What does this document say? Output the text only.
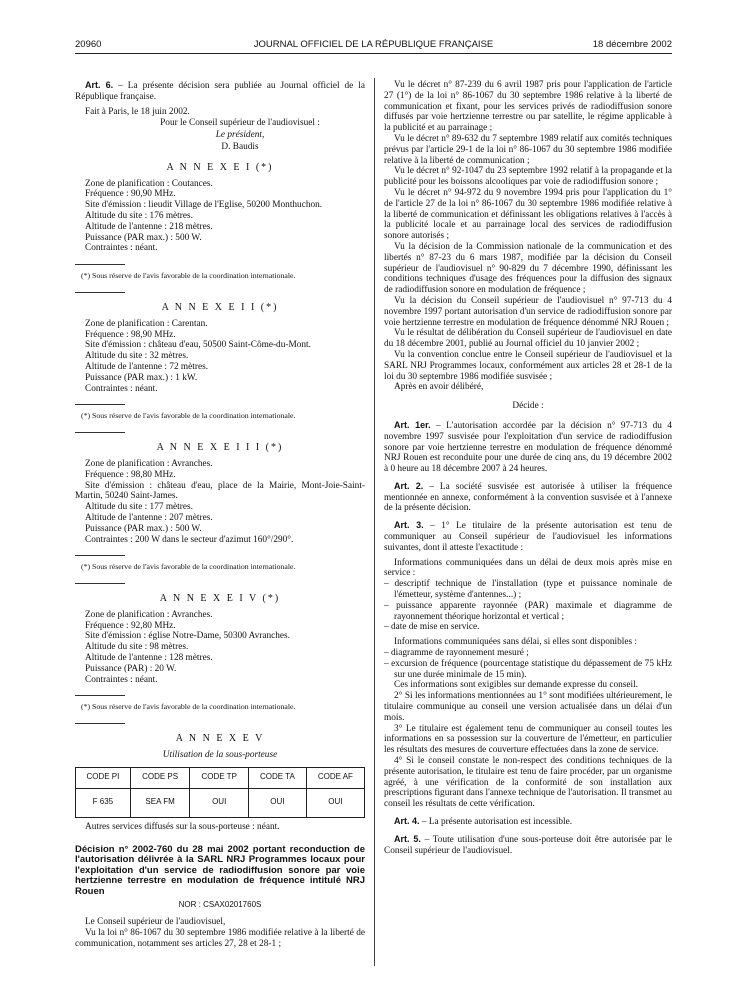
20960	JOURNAL OFFICIEL DE LA RÉPUBLIQUE FRANÇAISE	18 décembre 2002

Art. 6. – La présente décision sera publiée au Journal officiel de la République française.

Fait à Paris, le 18 juin 2002.

Pour le Conseil supérieur de l'audiovisuel :

Le président,

D. Baudis

A N N E X E I (*)

Zone de planification : Coutances.

Fréquence : 90,90 MHz.

Site d'émission : lieudit Village de l'Eglise, 50200 Monthuchon.

Altitude du site : 176 mètres.

Altitude de l'antenne : 218 mètres.

Puissance (PAR max.) : 500 W.

Contraintes : néant.

(*) Sous réserve de l'avis favorable de la coordination internationale.

A N N E X E I I (*)

Zone de planification : Carentan.

Fréquence : 98,90 MHz.

Site d'émission : château d'eau, 50500 Saint-Côme-du-Mont.

Altitude du site : 32 mètres.

Altitude de l'antenne : 72 mètres.

Puissance (PAR max.) : 1 kW.

Contraintes : néant.

(*) Sous réserve de l'avis favorable de la coordination internationale.

A N N E X E I I I (*)

Zone de planification : Avranches.

Fréquence : 98,80 MHz.

Site d'émission : château d'eau, place de la Mairie, Mont-Joie-Saint-Martin, 50240 Saint-James.

Altitude du site : 177 mètres.

Altitude de l'antenne : 207 mètres.

Puissance (PAR max.) : 500 W.

Contraintes : 200 W dans le secteur d'azimut 160°/290°.

(*) Sous réserve de l'avis favorable de la coordination internationale.

A N N E X E I V (*)

Zone de planification : Avranches.

Fréquence : 92,80 MHz.

Site d'émission : église Notre-Dame, 50300 Avranches.

Altitude du site : 98 mètres.

Altitude de l'antenne : 128 mètres.

Puissance (PAR) : 20 W.

Contraintes : néant.

(*) Sous réserve de l'avis favorable de la coordination internationale.

A N N E X E V

Utilisation de la sous-porteuse

CODE PI	CODE PS	CODE TP	CODE TA	CODE AF
F 635	SEA FM	OUI	OUI	OUI

Autres services diffusés sur la sous-porteuse : néant.

Décision n° 2002-760 du 28 mai 2002 portant reconduction de l'autorisation délivrée à la SARL NRJ Programmes locaux pour l'exploitation d'un service de radiodiffusion sonore par voie hertzienne terrestre en modulation de fréquence intitulé NRJ Rouen

NOR : CSAX0201760S

Le Conseil supérieur de l'audiovisuel,

Vu la loi n° 86-1067 du 30 septembre 1986 modifiée relative à la liberté de communication, notamment ses articles 27, 28 et 28-1 ;

Vu le décret n° 87-239 du 6 avril 1987 pris pour l'application de l'article 27 (1°) de la loi n° 86-1067 du 30 septembre 1986 relative à la liberté de communication et fixant, pour les services privés de radiodiffusion sonore diffusés par voie hertzienne terrestre ou par satellite, le régime applicable à la publicité et au parrainage ;

Vu le décret n° 89-632 du 7 septembre 1989 relatif aux comités techniques prévus par l'article 29-1 de la loi n° 86-1067 du 30 septembre 1986 modifiée relative à la liberté de communication ;

Vu le décret n° 92-1047 du 23 septembre 1992 relatif à la propagande et la publicité pour les boissons alcooliques par voie de radiodiffusion sonore ;

Vu le décret n° 94-972 du 9 novembre 1994 pris pour l'application du 1° de l'article 27 de la loi n° 86-1067 du 30 septembre 1986 modifiée relative à la liberté de communication et définissant les obligations relatives à l'accès à la publicité locale et au parrainage local des services de radiodiffusion sonore autorisés ;

Vu la décision de la Commission nationale de la communication et des libertés n° 87-23 du 6 mars 1987, modifiée par la décision du Conseil supérieur de l'audiovisuel n° 90-829 du 7 décembre 1990, définissant les conditions techniques d'usage des fréquences pour la diffusion des signaux de radiodiffusion sonore en modulation de fréquence ;

Vu la décision du Conseil supérieur de l'audiovisuel n° 97-713 du 4 novembre 1997 portant autorisation d'un service de radiodiffusion sonore par voie hertzienne terrestre en modulation de fréquence dénommé NRJ Rouen ;

Vu le résultat de délibération du Conseil supérieur de l'audiovisuel en date du 18 décembre 2001, publié au Journal officiel du 10 janvier 2002 ;

Vu la convention conclue entre le Conseil supérieur de l'audiovisuel et la SARL NRJ Programmes locaux, conformément aux articles 28 et 28-1 de la loi du 30 septembre 1986 modifiée susvisée ;

Après en avoir délibéré,

Décide :

Art. 1er. – L'autorisation accordée par la décision n° 97-713 du 4 novembre 1997 susvisée pour l'exploitation d'un service de radiodiffusion sonore par voie hertzienne terrestre en modulation de fréquence dénommé NRJ Rouen est reconduite pour une durée de cinq ans, du 19 décembre 2002 à 0 heure au 18 décembre 2007 à 24 heures.

Art. 2. – La société susvisée est autorisée à utiliser la fréquence mentionnée en annexe, conformément à la convention susvisée et à l'annexe de la présente décision.

Art. 3. – 1° Le titulaire de la présente autorisation est tenu de communiquer au Conseil supérieur de l'audiovisuel les informations suivantes, dont il atteste l'exactitude :

Informations communiquées dans un délai de deux mois après mise en service :

– descriptif technique de l'installation (type et puissance nominale de l'émetteur, système d'antennes...) ;
– puissance apparente rayonnée (PAR) maximale et diagramme de rayonnement théorique horizontal et vertical ;
– date de mise en service.

Informations communiquées sans délai, si elles sont disponibles :

– diagramme de rayonnement mesuré ;
– excursion de fréquence (pourcentage statistique du dépassement de 75 kHz sur une durée minimale de 15 min).

Ces informations sont exigibles sur demande expresse du conseil.

2° Si les informations mentionnées au 1° sont modifiées ultérieurement, le titulaire communique au conseil une version actualisée dans un délai d'un mois.

3° Le titulaire est également tenu de communiquer au conseil toutes les informations en sa possession sur la couverture de l'émetteur, en particulier les résultats des mesures de couverture effectuées dans la zone de service.

4° Si le conseil constate le non-respect des conditions techniques de la présente autorisation, le titulaire est tenu de faire procéder, par un organisme agréé, à une vérification de la conformité de son installation aux prescriptions figurant dans l'annexe technique de l'autorisation. Il transmet au conseil les résultats de cette vérification.

Art. 4. – La présente autorisation est incessible.

Art. 5. – Toute utilisation d'une sous-porteuse doit être autorisée par le Conseil supérieur de l'audiovisuel.
